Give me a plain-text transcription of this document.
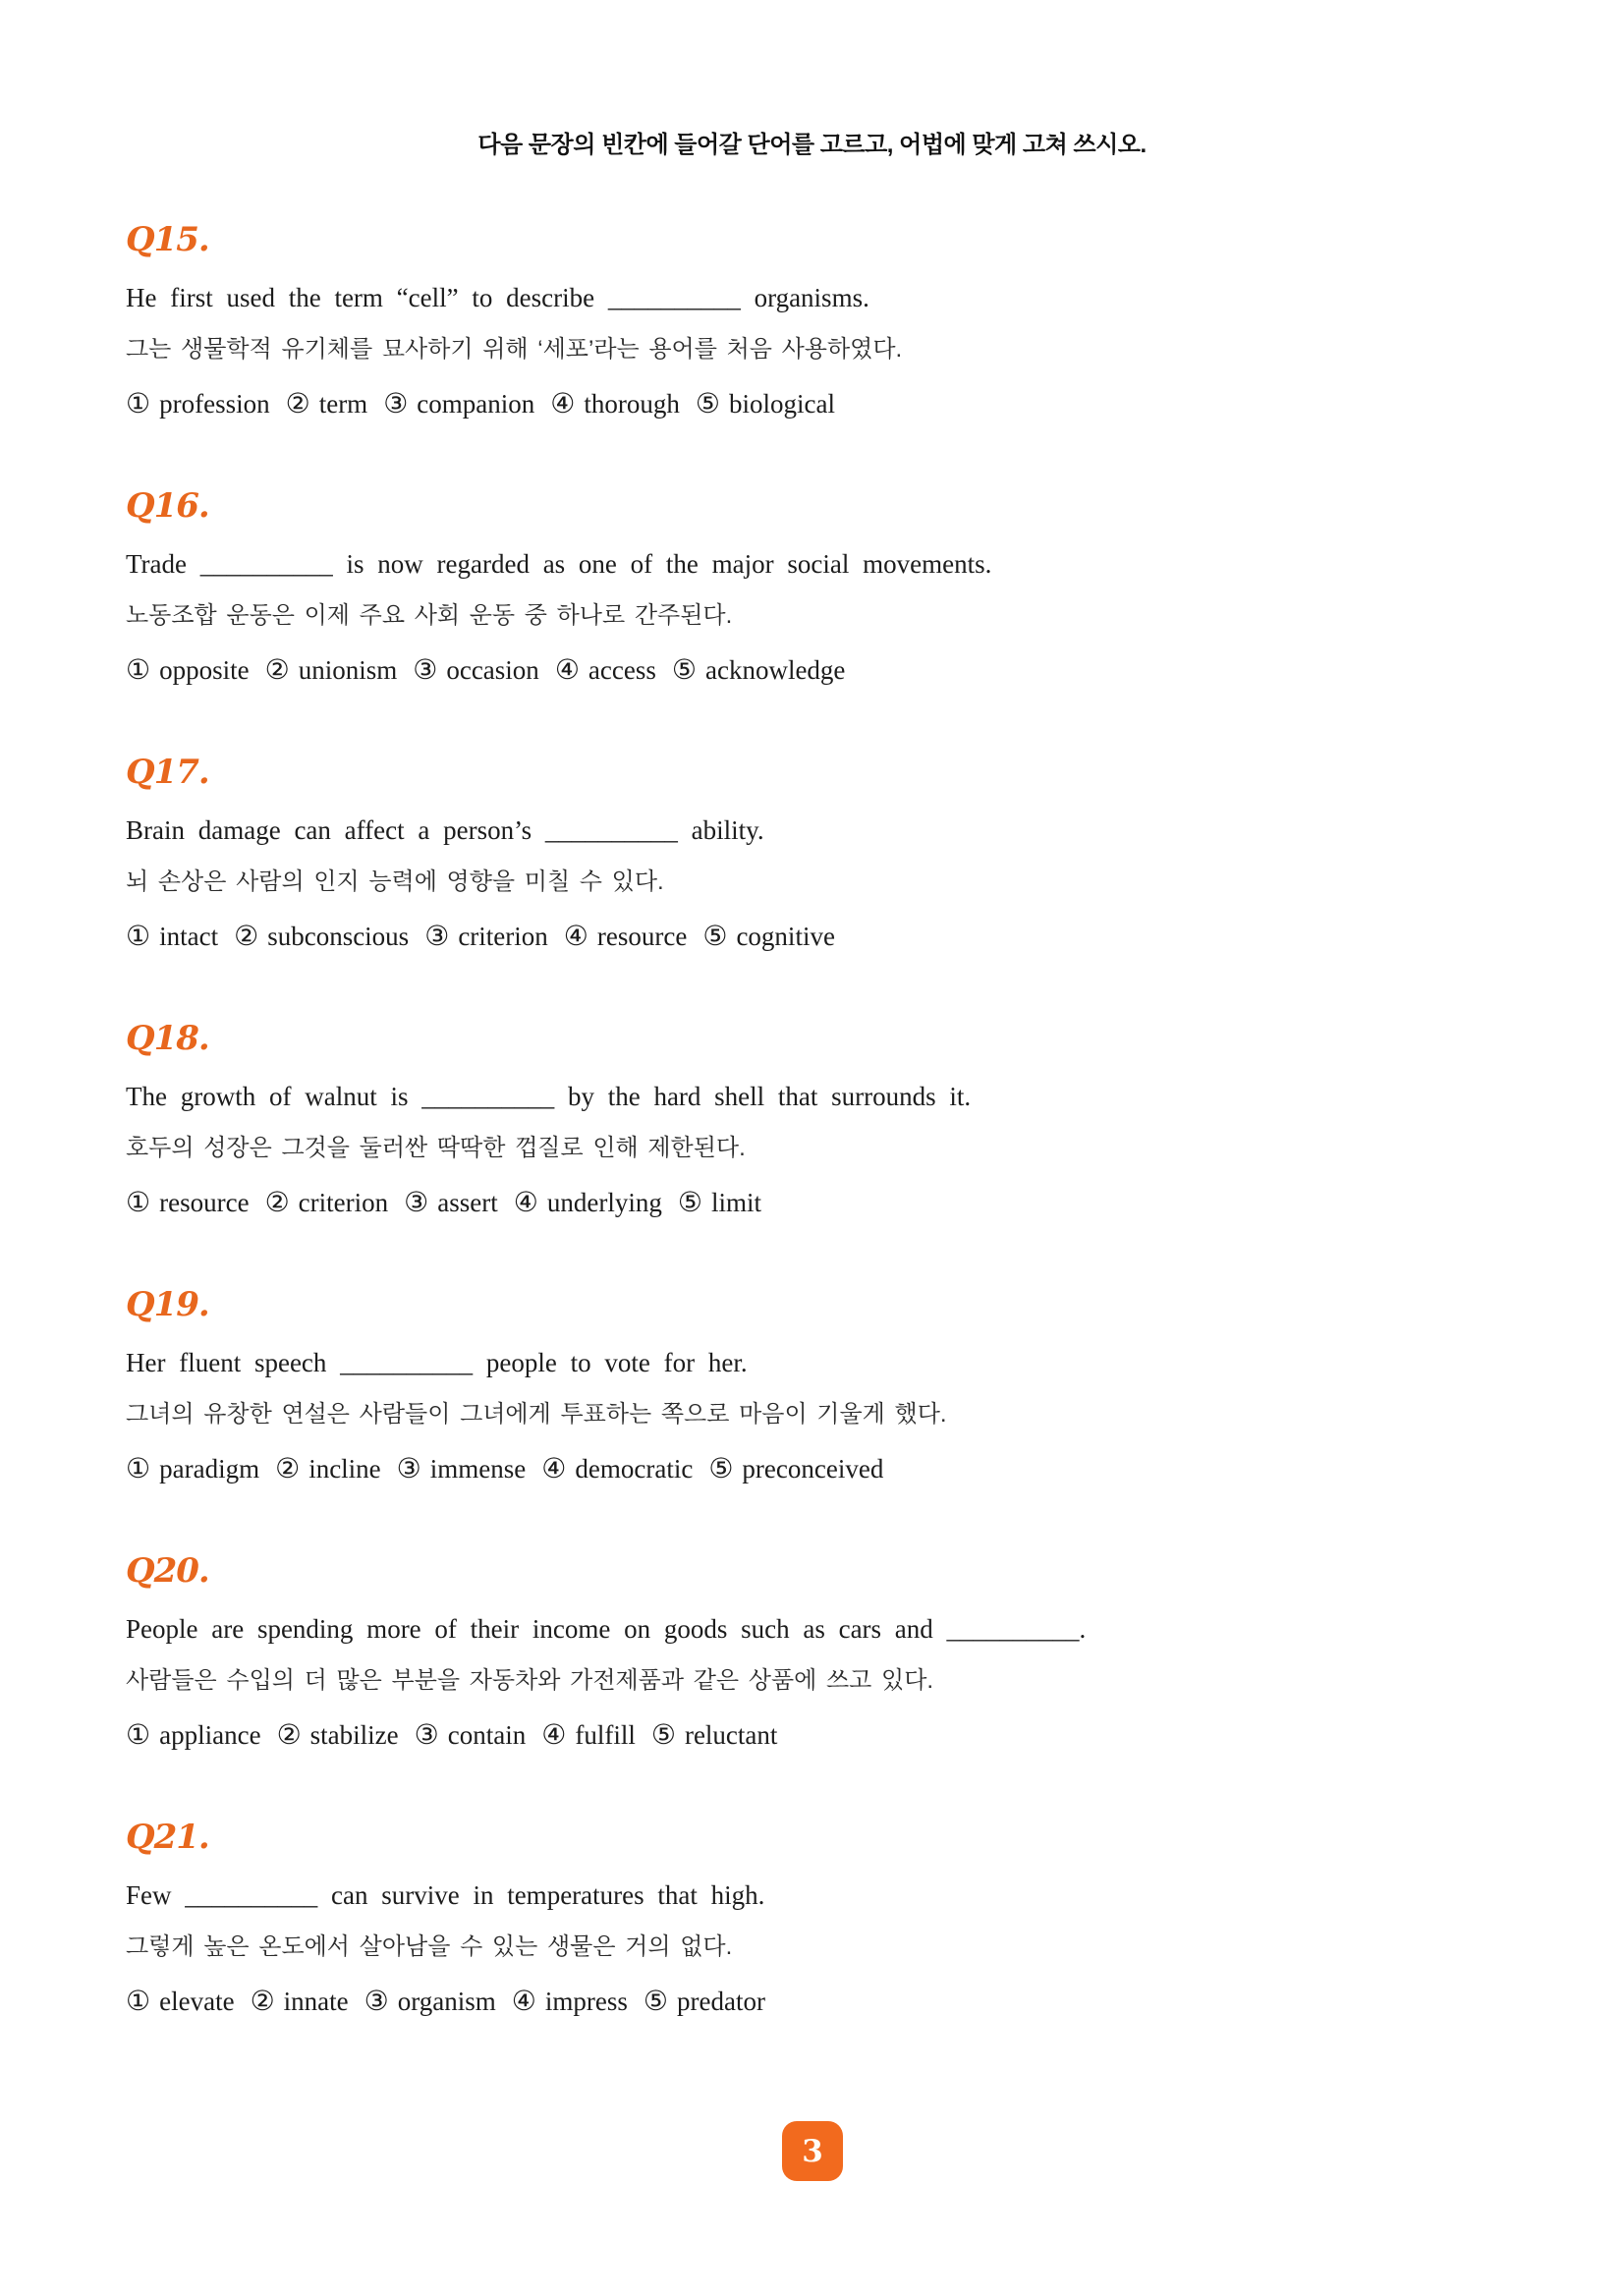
다음 문장의 빈칸에 들어갈 단어를 고르고, 어법에 맞게 고쳐 쓰시오.
Q15.

He first used the term “cell” to describe __________ organisms.

그는 생물학적 유기체를 묘사하기 위해 ‘세포’라는 용어를 처음 사용하였다.

① profession ② term ③ companion ④ thorough ⑤ biological

Q16.

Trade __________ is now regarded as one of the major social movements.

노동조합 운동은 이제 주요 사회 운동 중 하나로 간주된다.

① opposite ② unionism ③ occasion ④ access ⑤ acknowledge

Q17.

Brain damage can affect a person’s __________ ability.

뇌 손상은 사람의 인지 능력에 영향을 미칠 수 있다.

① intact ② subconscious ③ criterion ④ resource ⑤ cognitive

Q18.

The growth of walnut is __________ by the hard shell that surrounds it.

호두의 성장은 그것을 둘러싼 딱딱한 껍질로 인해 제한된다.

① resource ② criterion ③ assert ④ underlying ⑤ limit

Q19.

Her fluent speech __________ people to vote for her.

그녀의 유창한 연설은 사람들이 그녀에게 투표하는 쪽으로 마음이 기울게 했다.

① paradigm ② incline ③ immense ④ democratic ⑤ preconceived

Q20.

People are spending more of their income on goods such as cars and __________.

사람들은 수입의 더 많은 부분을 자동차와 가전제품과 같은 상품에 쓰고 있다.

① appliance ② stabilize ③ contain ④ fulfill ⑤ reluctant

Q21.

Few __________ can survive in temperatures that high.

그렇게 높은 온도에서 살아남을 수 있는 생물은 거의 없다.

① elevate ② innate ③ organism ④ impress ⑤ predator

3
